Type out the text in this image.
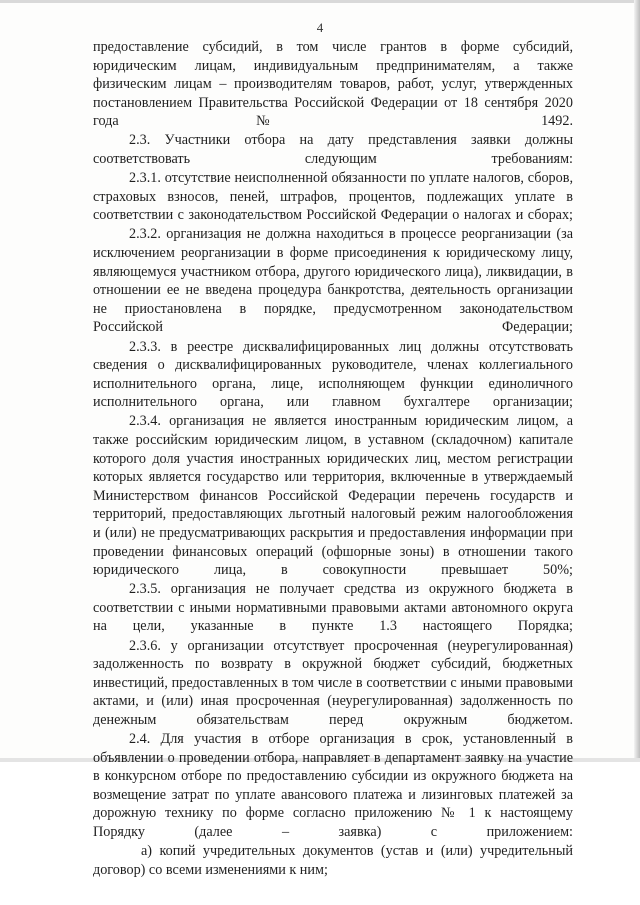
4

предоставление субсидий, в том числе грантов в форме субсидий, юридическим лицам, индивидуальным предпринимателям, а также физическим лицам – производителям товаров, работ, услуг, утвержденных постановлением Правительства Российской Федерации от 18 сентября 2020 года № 1492.

2.3. Участники отбора на дату представления заявки должны соответствовать следующим требованиям:

2.3.1. отсутствие неисполненной обязанности по уплате налогов, сборов, страховых взносов, пеней, штрафов, процентов, подлежащих уплате в соответствии с законодательством Российской Федерации о налогах и сборах;

2.3.2. организация не должна находиться в процессе реорганизации (за исключением реорганизации в форме присоединения к юридическому лицу, являющемуся участником отбора, другого юридического лица), ликвидации, в отношении ее не введена процедура банкротства, деятельность организации не приостановлена в порядке, предусмотренном законодательством Российской Федерации;

2.3.3. в реестре дисквалифицированных лиц должны отсутствовать сведения о дисквалифицированных руководителе, членах коллегиального исполнительного органа, лице, исполняющем функции единоличного исполнительного органа, или главном бухгалтере организации;

2.3.4. организация не является иностранным юридическим лицом, а также российским юридическим лицом, в уставном (складочном) капитале которого доля участия иностранных юридических лиц, местом регистрации которых является государство или территория, включенные в утверждаемый Министерством финансов Российской Федерации перечень государств и территорий, предоставляющих льготный налоговый режим налогообложения и (или) не предусматривающих раскрытия и предоставления информации при проведении финансовых операций (офшорные зоны) в отношении такого юридического лица, в совокупности превышает 50%;

2.3.5. организация не получает средства из окружного бюджета в соответствии с иными нормативными правовыми актами автономного округа на цели, указанные в пункте 1.3 настоящего Порядка;

2.3.6. у организации отсутствует просроченная (неурегулированная) задолженность по возврату в окружной бюджет субсидий, бюджетных инвестиций, предоставленных в том числе в соответствии с иными правовыми актами, и (или) иная просроченная (неурегулированная) задолженность по денежным обязательствам перед окружным бюджетом.

2.4. Для участия в отборе организация в срок, установленный в объявлении о проведении отбора, направляет в департамент заявку на участие в конкурсном отборе по предоставлению субсидии из окружного бюджета на возмещение затрат по уплате авансового платежа и лизинговых платежей за дорожную технику по форме согласно приложению № 1 к настоящему Порядку (далее – заявка) с приложением:

а) копий учредительных документов (устав и (или) учредительный договор) со всеми изменениями к ним;
